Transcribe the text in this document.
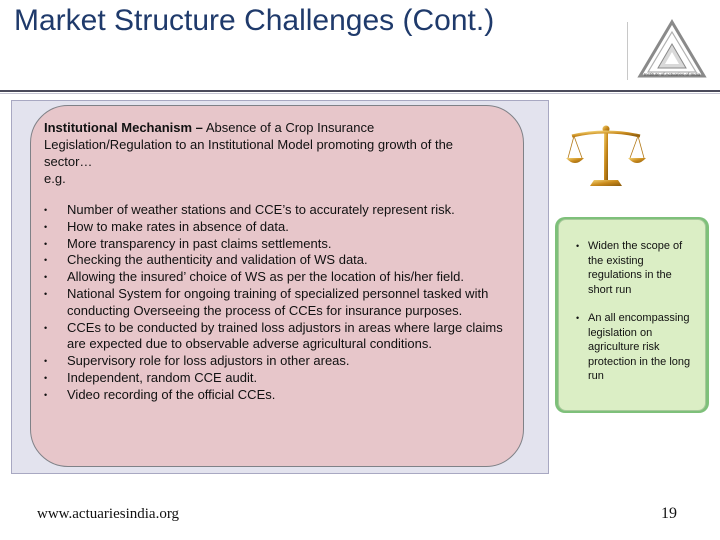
Market Structure Challenges (Cont.)
Institute of Actuaries of India
Institutional Mechanism – Absence of a Crop Insurance Legislation/Regulation to an Institutional Model promoting growth of the sector…
e.g.
• Number of weather stations and CCE’s to accurately represent risk.
• How to make rates in absence of data.
• More transparency in past claims settlements.
• Checking the authenticity and validation of WS data.
• Allowing the insured’ choice of WS as per the location of his/her field.
• National System for ongoing training of specialized personnel tasked with conducting Overseeing the process of CCEs for insurance purposes.
• CCEs to be conducted by trained loss adjustors in areas where large claims are expected due to observable adverse agricultural conditions.
• Supervisory role for loss adjustors in other areas.
• Independent, random CCE audit.
• Video recording of the official CCEs.
• Widen the scope of the existing regulations in the short run
• An all encompassing legislation on agriculture risk protection in the long run
www.actuariesindia.org	19
